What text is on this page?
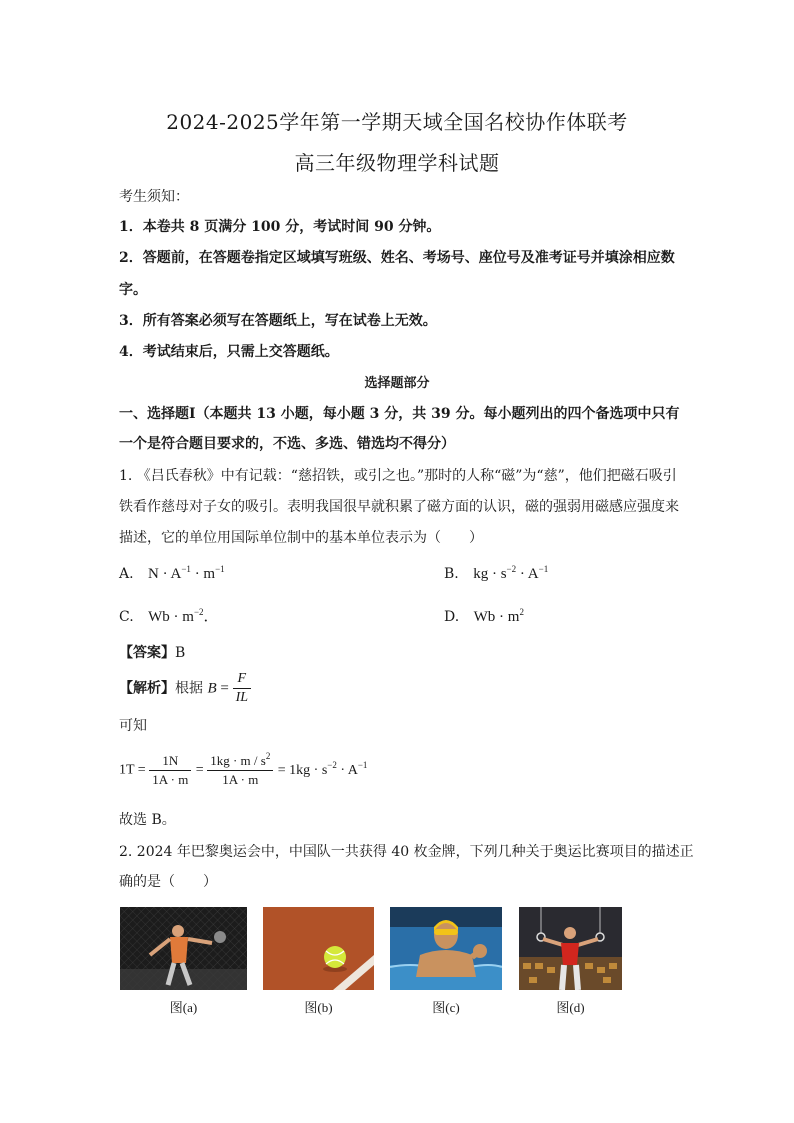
2024-2025学年第一学期天域全国名校协作体联考
高三年级物理学科试题
考生须知：
1．本卷共 8 页满分 100 分，考试时间 90 分钟。
2．答题前，在答题卷指定区域填写班级、姓名、考场号、座位号及准考证号并填涂相应数
字。
3．所有答案必须写在答题纸上，写在试卷上无效。
4．考试结束后，只需上交答题纸。
选择题部分
一、选择题Ⅰ（本题共 13 小题，每小题 3 分，共 39 分。每小题列出的四个备选项中只有
一个是符合题目要求的，不选、多选、错选均不得分）
1. 《吕氏春秋》中有记载：“慈招铁，或引之也。”那时的人称“磁”为“慈”，他们把磁石吸引
铁看作慈母对子女的吸引。表明我国很早就积累了磁方面的认识，磁的强弱用磁感应强度来
描述，它的单位用国际单位制中的基本单位表示为（　　）
A. $N \cdot A^{-1} \cdot m^{-1}$	B. kg · $s^{-2} \cdot A^{-1}$
C. $Wb \cdot m^{-2}$．	D. $Wb \cdot m^2$
【答案】B
【解析】根据 $B = \frac{F}{IL}$
可知
$1T = \frac{1N}{1A \cdot m} = \frac{1kg \cdot m / s^2}{1A \cdot m} = 1kg \cdot s^{-2} \cdot A^{-1}$
故选 B。
2. 2024 年巴黎奥运会中，中国队一共获得 40 枚金牌，下列几种关于奥运比赛项目的描述正
确的是（　　）
图(a)	图(b)	图(c)	图(d)
